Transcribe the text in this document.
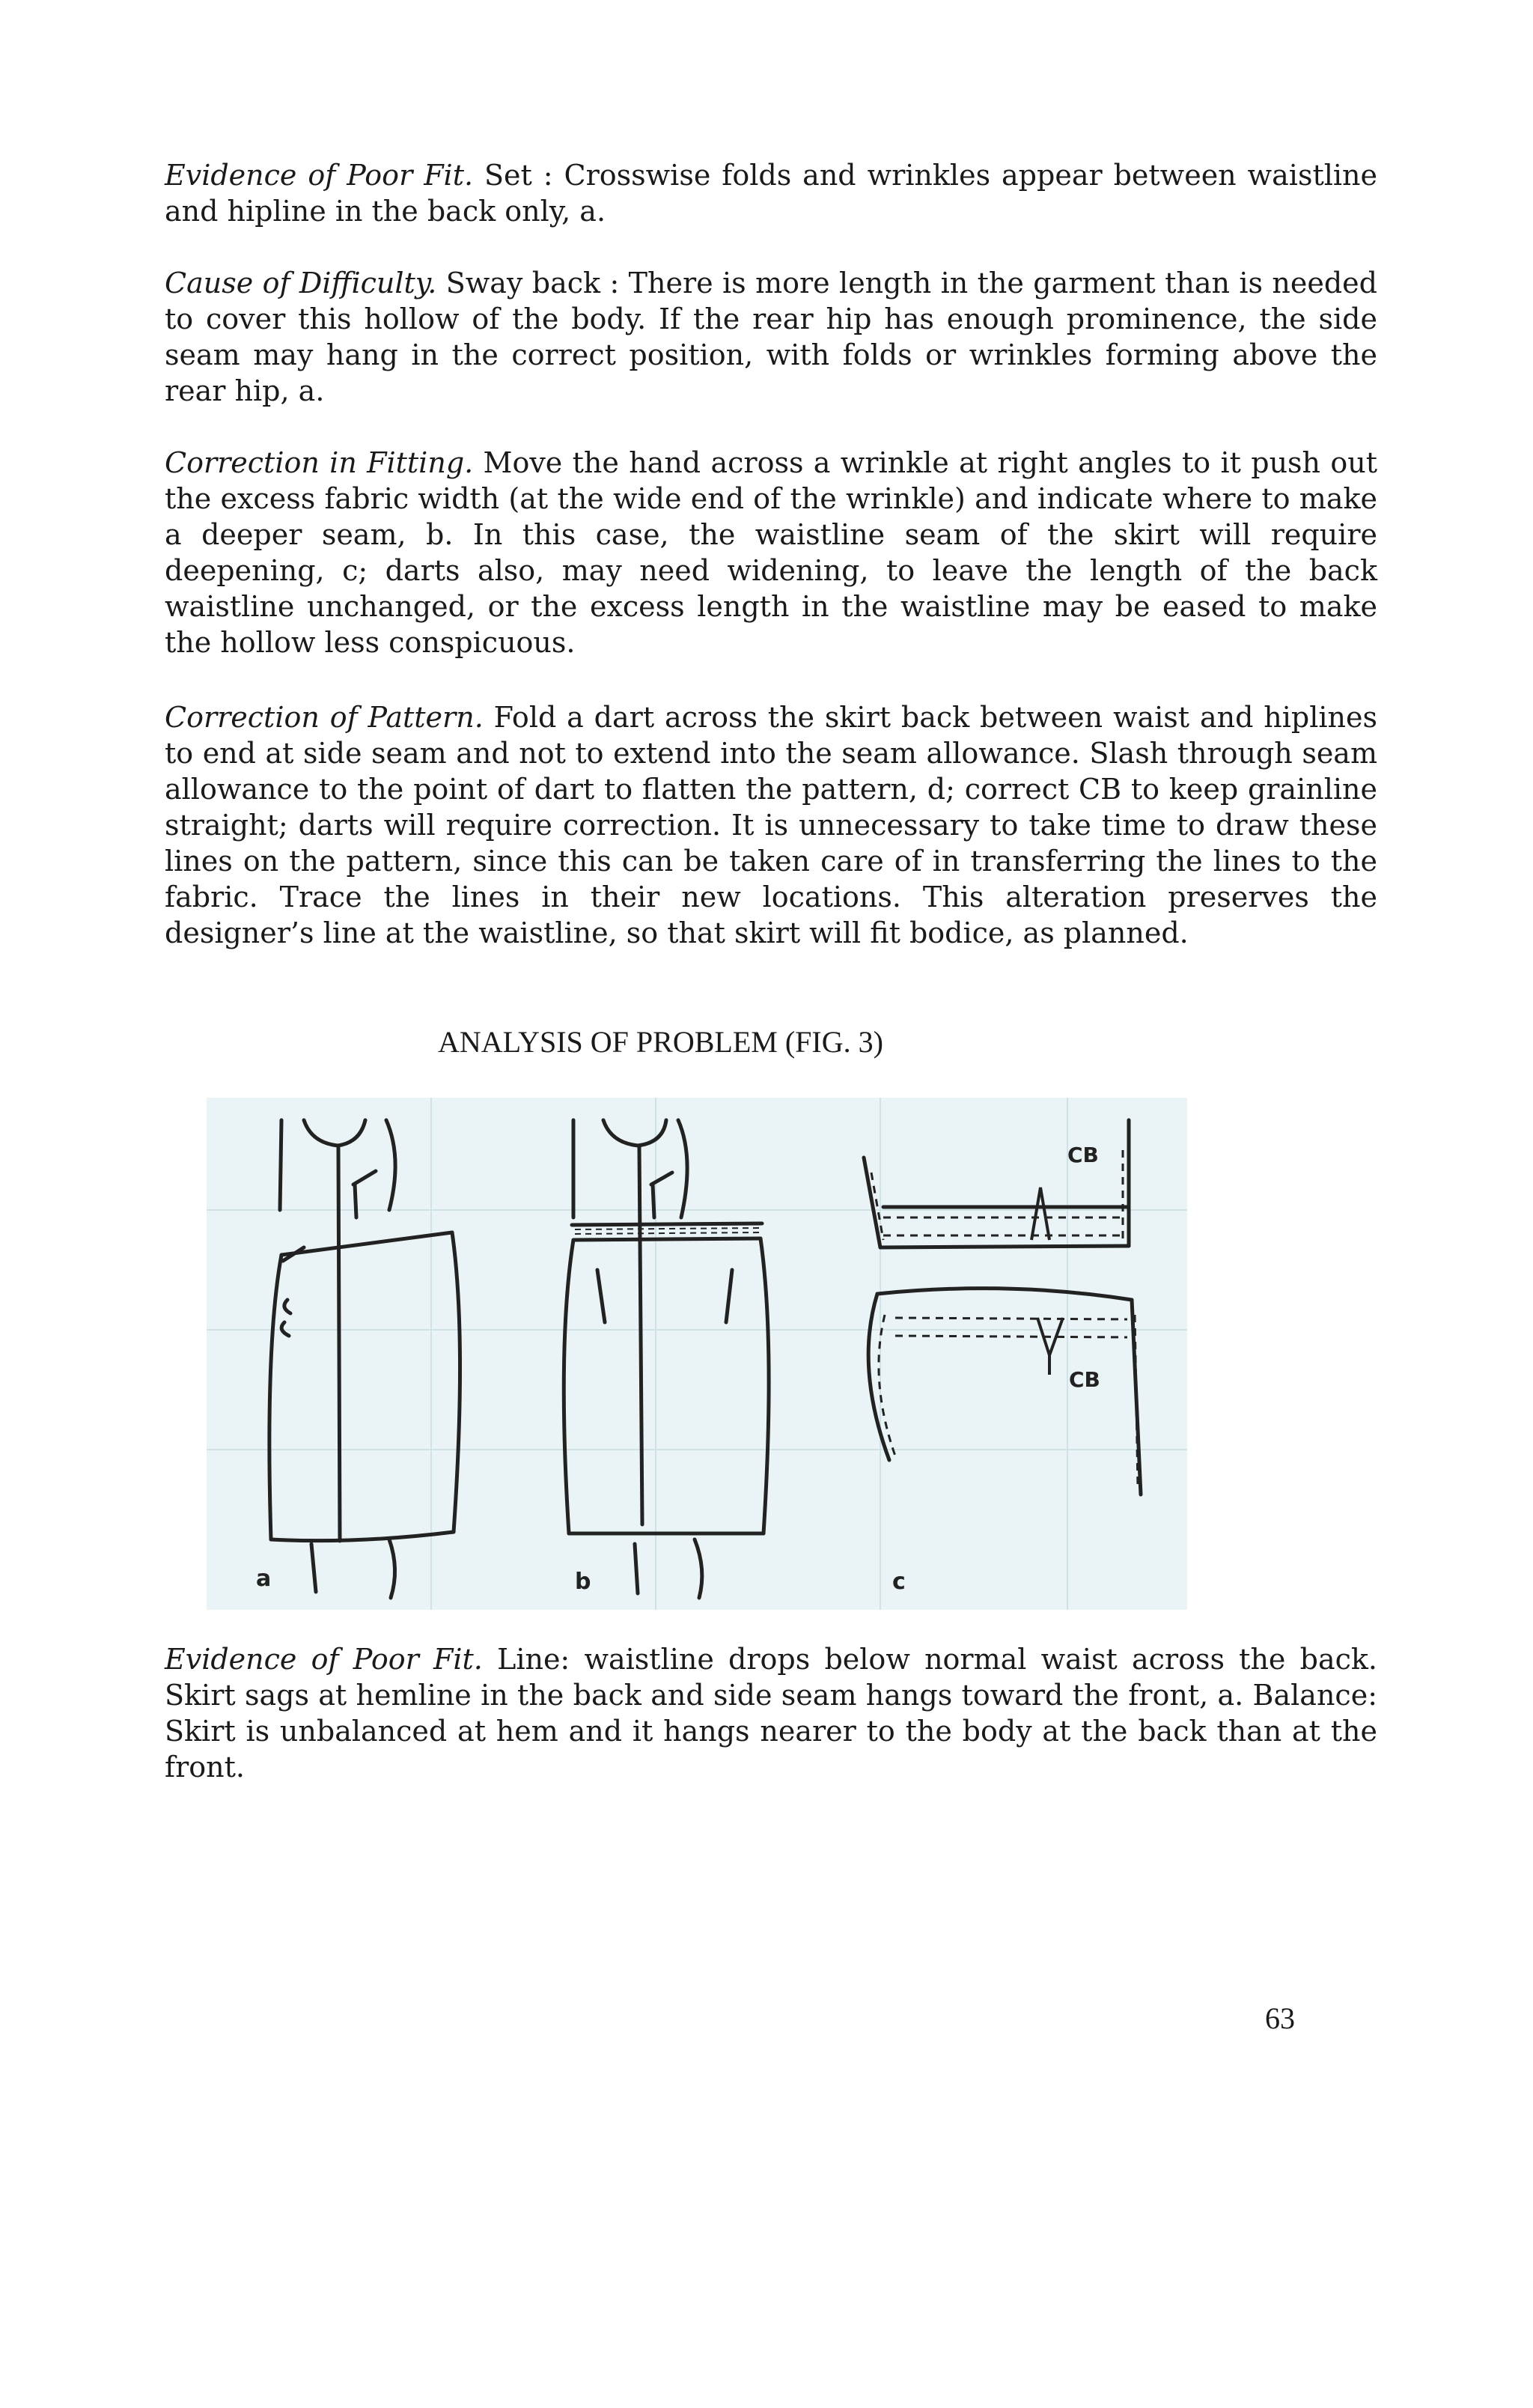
Evidence of Poor Fit. Set : Crosswise folds and wrinkles appear between waistline and hipline in the back only, a.

Cause of Difficulty. Sway back : There is more length in the garment than is needed to cover this hollow of the body. If the rear hip has enough prominence, the side seam may hang in the correct position, with folds or wrinkles forming above the rear hip, a.

Correction in Fitting. Move the hand across a wrinkle at right angles to it push out the excess fabric width (at the wide end of the wrinkle) and indicate where to make a deeper seam, b. In this case, the waistline seam of the skirt will require deepening, c; darts also, may need widening, to leave the length of the back waistline unchanged, or the excess length in the waistline may be eased to make the hollow less conspicuous.

Correction of Pattern. Fold a dart across the skirt back between waist and hiplines to end at side seam and not to extend into the seam allowance. Slash through seam allowance to the point of dart to flatten the pattern, d; correct CB to keep grainline straight; darts will require correction. It is unnecessary to take time to draw these lines on the pattern, since this can be taken care of in transferring the lines to the fabric. Trace the lines in their new locations. This alteration preserves the designer’s line at the waistline, so that skirt will fit bodice, as planned.

ANALYSIS OF PROBLEM (FIG. 3)

a	b
CB
CB
c

Evidence of Poor Fit. Line: waistline drops below normal waist across the back. Skirt sags at hemline in the back and side seam hangs toward the front, a. Balance: Skirt is unbalanced at hem and it hangs nearer to the body at the back than at the front.

63
